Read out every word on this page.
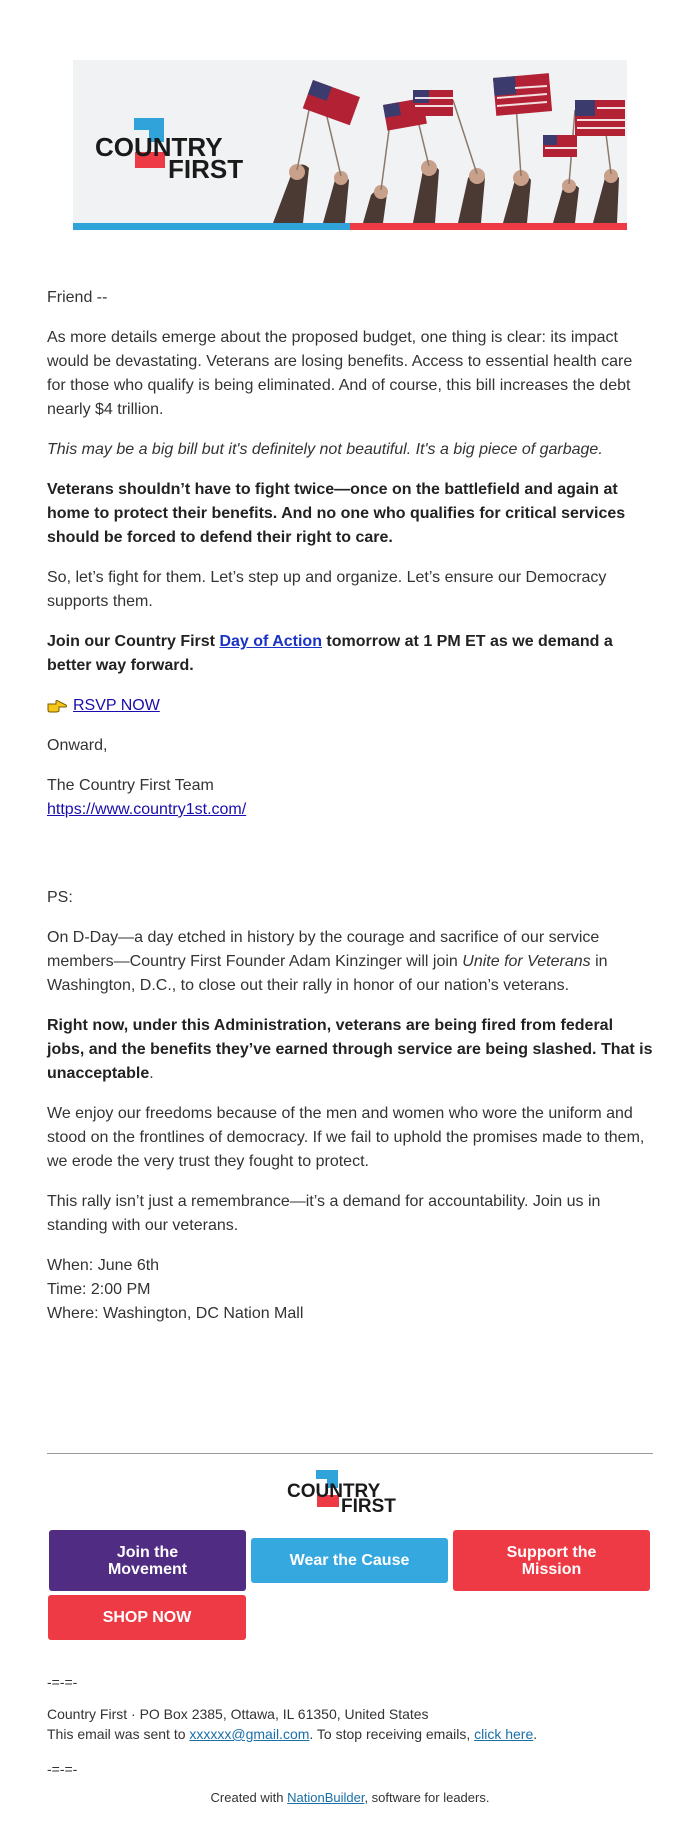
COUNTRY
FIRST

Friend --

As more details emerge about the proposed budget, one thing is clear: its impact would be devastating. Veterans are losing benefits. Access to essential health care for those who qualify is being eliminated. And of course, this bill increases the debt nearly $4 trillion.

This may be a big bill but it's definitely not beautiful. It's a big piece of garbage.

Veterans shouldn’t have to fight twice—once on the battlefield and again at home to protect their benefits. And no one who qualifies for critical services should be forced to defend their right to care.

So, let’s fight for them. Let’s step up and organize. Let’s ensure our Democracy supports them.

Join our Country First Day of Action tomorrow at 1 PM ET as we demand a better way forward.

RSVP NOW

Onward,

The Country First Team
https://www.country1st.com/

PS:

On D-Day—a day etched in history by the courage and sacrifice of our service members—Country First Founder Adam Kinzinger will join Unite for Veterans in Washington, D.C., to close out their rally in honor of our nation’s veterans.

Right now, under this Administration, veterans are being fired from federal jobs, and the benefits they’ve earned through service are being slashed. That is unacceptable.

We enjoy our freedoms because of the men and women who wore the uniform and stood on the frontlines of democracy. If we fail to uphold the promises made to them, we erode the very trust they fought to protect.

This rally isn’t just a remembrance—it’s a demand for accountability. Join us in standing with our veterans.

When: June 6th
Time: 2:00 PM
Where: Washington, DC Nation Mall

COUNTRY
FIRST
Join the Movement	Wear the Cause	Support the Mission
SHOP NOW
-=-=-
Country First · PO Box 2385, Ottawa, IL 61350, United States
This email was sent to xxxxxx@gmail.com. To stop receiving emails, click here.
-=-=-
Created with NationBuilder, software for leaders.
